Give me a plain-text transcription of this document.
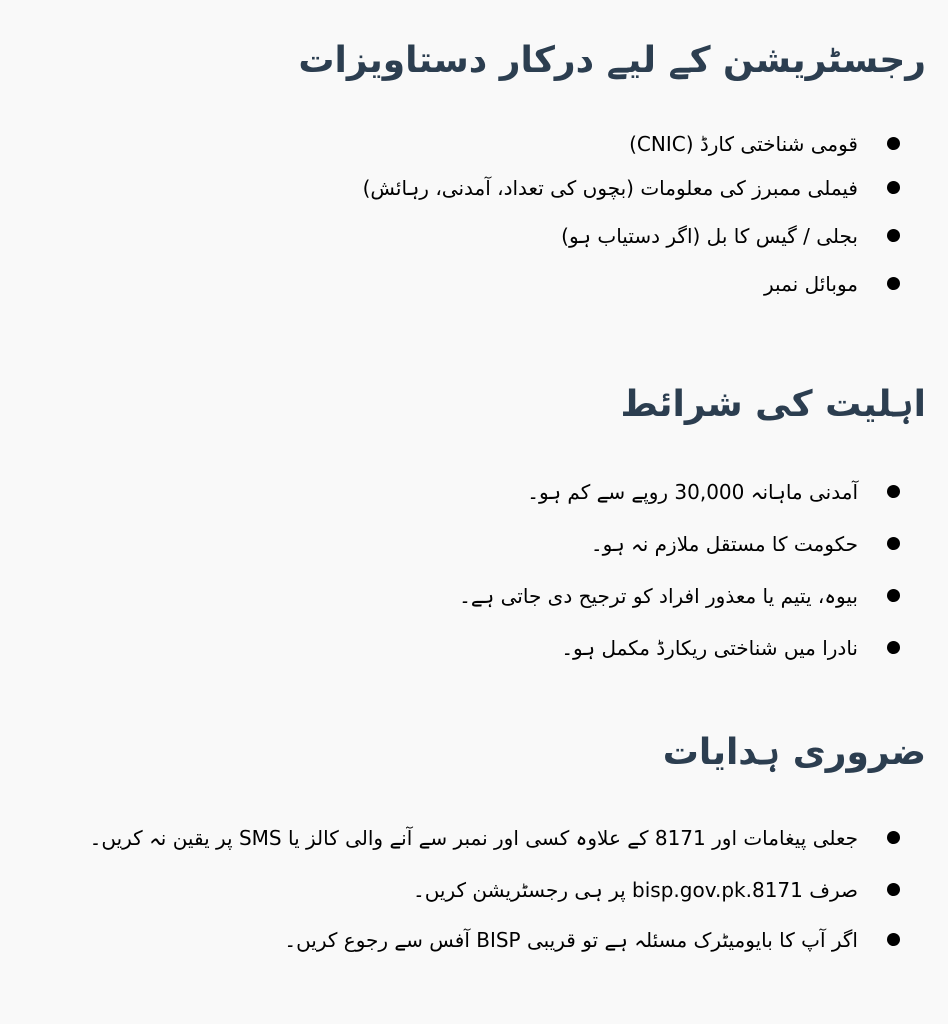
رجسٹریشن کے لیے درکار دستاویزات
قومی شناختی کارڈ (CNIC)
فیملی ممبرز کی معلومات (بچوں کی تعداد، آمدنی، رہائش)
بجلی / گیس کا بل (اگر دستیاب ہو)
موبائل نمبر
اہلیت کی شرائط
آمدنی ماہانہ 30,000 روپے سے کم ہو۔
حکومت کا مستقل ملازم نہ ہو۔
بیوہ، یتیم یا معذور افراد کو ترجیح دی جاتی ہے۔
نادرا میں شناختی ریکارڈ مکمل ہو۔
ضروری ہدایات
جعلی پیغامات اور 8171 کے علاوہ کسی اور نمبر سے آنے والی کالز یا SMS پر یقین نہ کریں۔
صرف 8171.bisp.gov.pk پر ہی رجسٹریشن کریں۔
اگر آپ کا بایومیٹرک مسئلہ ہے تو قریبی BISP آفس سے رجوع کریں۔
